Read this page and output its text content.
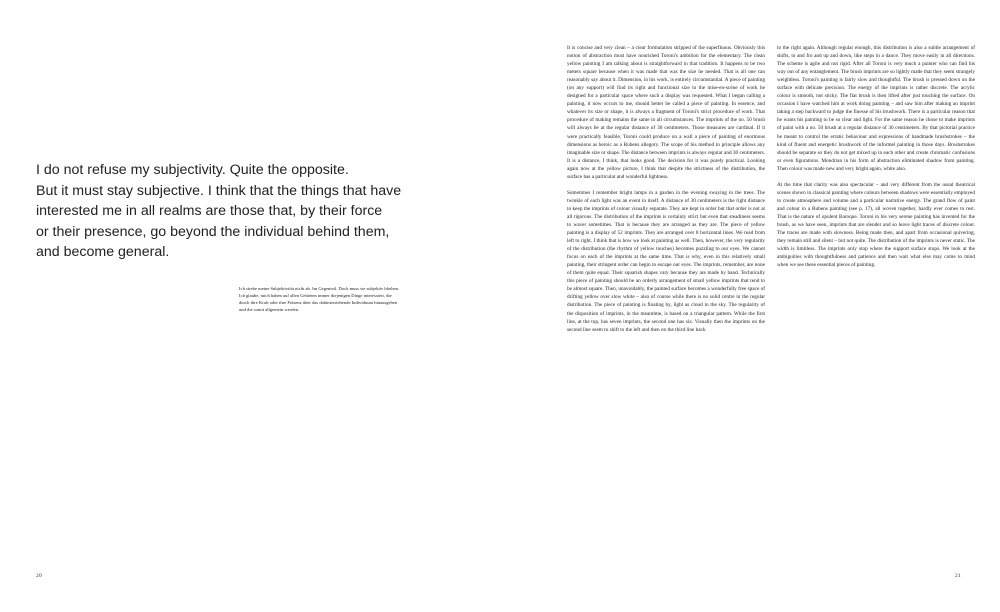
I do not refuse my subjectivity. Quite the opposite.

But it must stay subjective. I think that the things that have

interested me in all realms are those that, by their force

or their presence, go beyond the individual behind them,

and become general.

Ich strebe meine Subjektivität nicht ab. Im Gegenteil. Doch muss sie subjektiv bleiben.

Ich glaube, mich haben auf allen Gebieten immer diejenigen Dinge interessiert, die

durch ihre Kraft oder ihre Präsenz über das dahinterstehende Individuum hinausgehen

und die somit allgemein werden.

20

It is concise and very clean – a clear formulation stripped of the superfluous. Obviously this notion of abstraction must have nourished Toroni's ambition for the elementary. The clean yellow painting I am talking about is straightforward in that tradition. It happens to be two meters square because when it was made that was the size he needed. That is all one can reasonably say about it. Dimension, in his work, is entirely circumstantial. A piece of painting (on any support) will find its right and functional size in the mise-en-scène of work he designed for a particular space where such a display was requested. What I began calling a painting, it now occurs to me, should better be called a piece of painting. In essence, and whatever its size or shape, it is always a fragment of Toroni's strict procedure of work. That procedure of making remains the same in all circumstances. The imprints of the no. 50 brush will always be at the regular distance of 30 centimeters. Those measures are cardinal. If it were practically feasible, Toroni could produce on a wall a piece of painting of enormous dimensions as heroic as a Rubens allegory. The scope of his method in principle allows any imaginable size or shape. The distance between imprints is always regular and 30 centimeters. It is a distance, I think, that looks good. The decision for it was purely practical. Looking again now at the yellow picture, I think that despite the strictness of the distribution, the surface has a particular and wonderful lightness.

Sometimes I remember bright lamps in a garden in the evening swaying in the trees. The twinkle of each light was an event in itself. A distance of 30 centimeters is the right distance to keep the imprints of colour visually separate. They are kept in order but that order is not at all rigorous. The distribution of the imprints is certainly strict but even that steadiness seems to waver sometimes. That is because they are arranged as they are. The piece of yellow painting is a display of 52 imprints. They are arranged over 8 horizontal lines. We read from left to right. I think that is how we look at painting as well. Then, however, the very regularity of the distribution (the rhythm of yellow touches) becomes puzzling to our eyes. We cannot focus on each of the imprints at the same time. That is why, even in this relatively small painting, their stringent order can begin to escape our eyes. The imprints, remember, are none of them quite equal. Their squarish shapes vary because they are made by hand. Technically this piece of painting should be an orderly arrangement of small yellow imprints that tend to be almost square. Then, unavoidably, the painted surface becomes a wonderfully free space of drifting yellow over slow white – also of course while there is no solid centre in the regular distribution. The piece of painting is floating by, light as cloud in the sky. The regularity of the disposition of imprints, in the meantime, is based on a triangular pattern. While the first line, at the top, has seven imprints, the second one has six. Visually then the imprints on the second line seem to shift to the left and then on the third line back

to the right again. Although regular enough, this distribution is also a subtle arrangement of shifts, to and fro and up and down, like steps in a dance. They move easily in all directions. The scheme is agile and not rigid. After all Toroni is very much a painter who can find his way out of any entanglement. The brush imprints are so lightly made that they seem strangely weightless. Toroni's painting is fairly slow and thoughtful. The brush is pressed down on the surface with delicate precision. The energy of the imprints is rather discrete. The acrylic colour is smooth, not sticky. The flat brush is then lifted after just touching the surface. On occasion I have watched him at work doing painting – and saw him after making an imprint taking a step backward to judge the finesse of his brushwork. There is a particular reason that he wants his painting to be so clear and light. For the same reason he chose to make imprints of paint with a no. 50 brush at a regular distance of 30 centimeters. By that pictorial practice he meant to control the erratic behaviour and expressions of handmade brushstrokes – the kind of fluent and energetic brushwork of the informel painting in those days. Brushstrokes should be separate so they do not get mixed up in each other and create chromatic confusions or even figurations. Mondrian in his form of abstraction eliminated shadow from painting. Then colour was made new and very bright again, white also.

At the time that clarity was also spectacular – and very different from the usual theatrical scenes shown in classical painting where colours between shadows were essentially employed to create atmosphere and volume and a particular narrative energy. The grand flow of paint and colour in a Rubens painting (see p. 17), all woven together, hardly ever comes to rest. That is the nature of opulent Baroque. Toroni in his very serene painting has invented for the brush, as we have seen, imprints that are slender and so leave light traces of discrete colour. The traces are made with slowness. Being made then, and apart from occasional quivering, they remain still and silent – but not quite. The distribution of the imprints is never static. The width is limitless. The imprints only stop where the support surface stops. We look at the ambiguities with thoughtfulness and patience and then wait what else may come to mind when we see these essential pieces of painting.

21
